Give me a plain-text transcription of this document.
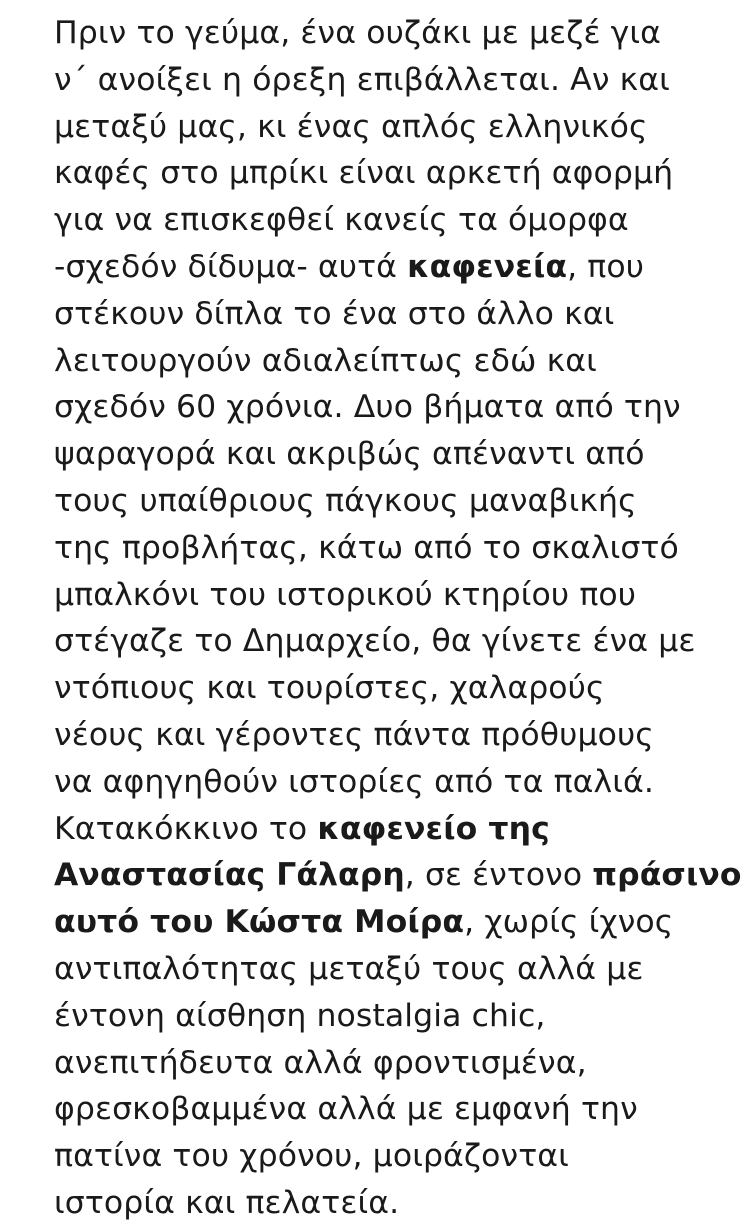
Πριν το γεύμα, ένα ουζάκι με μεζέ για
ν΄ ανοίξει η όρεξη επιβάλλεται. Αν και
μεταξύ μας, κι ένας απλός ελληνικός
καφές στο μπρίκι είναι αρκετή αφορμή
για να επισκεφθεί κανείς τα όμορφα
-σχεδόν δίδυμα- αυτά καφενεία, που
στέκουν δίπλα το ένα στο άλλο και
λειτουργούν αδιαλείπτως εδώ και
σχεδόν 60 χρόνια. Δυο βήματα από την
ψαραγορά και ακριβώς απέναντι από
τους υπαίθριους πάγκους μαναβικής
της προβλήτας, κάτω από το σκαλιστό
μπαλκόνι του ιστορικού κτηρίου που
στέγαζε το Δημαρχείο, θα γίνετε ένα με
ντόπιους και τουρίστες, χαλαρούς
νέους και γέροντες πάντα πρόθυμους
να αφηγηθούν ιστορίες από τα παλιά.
Κατακόκκινο το καφενείο της
Αναστασίας Γάλαρη, σε έντονο πράσινο
αυτό του Κώστα Μοίρα, χωρίς ίχνος
αντιπαλότητας μεταξύ τους αλλά με
έντονη αίσθηση nostalgia chic,
ανεπιτήδευτα αλλά φροντισμένα,
φρεσκοβαμμένα αλλά με εμφανή την
πατίνα του χρόνου, μοιράζονται
ιστορία και πελατεία.
